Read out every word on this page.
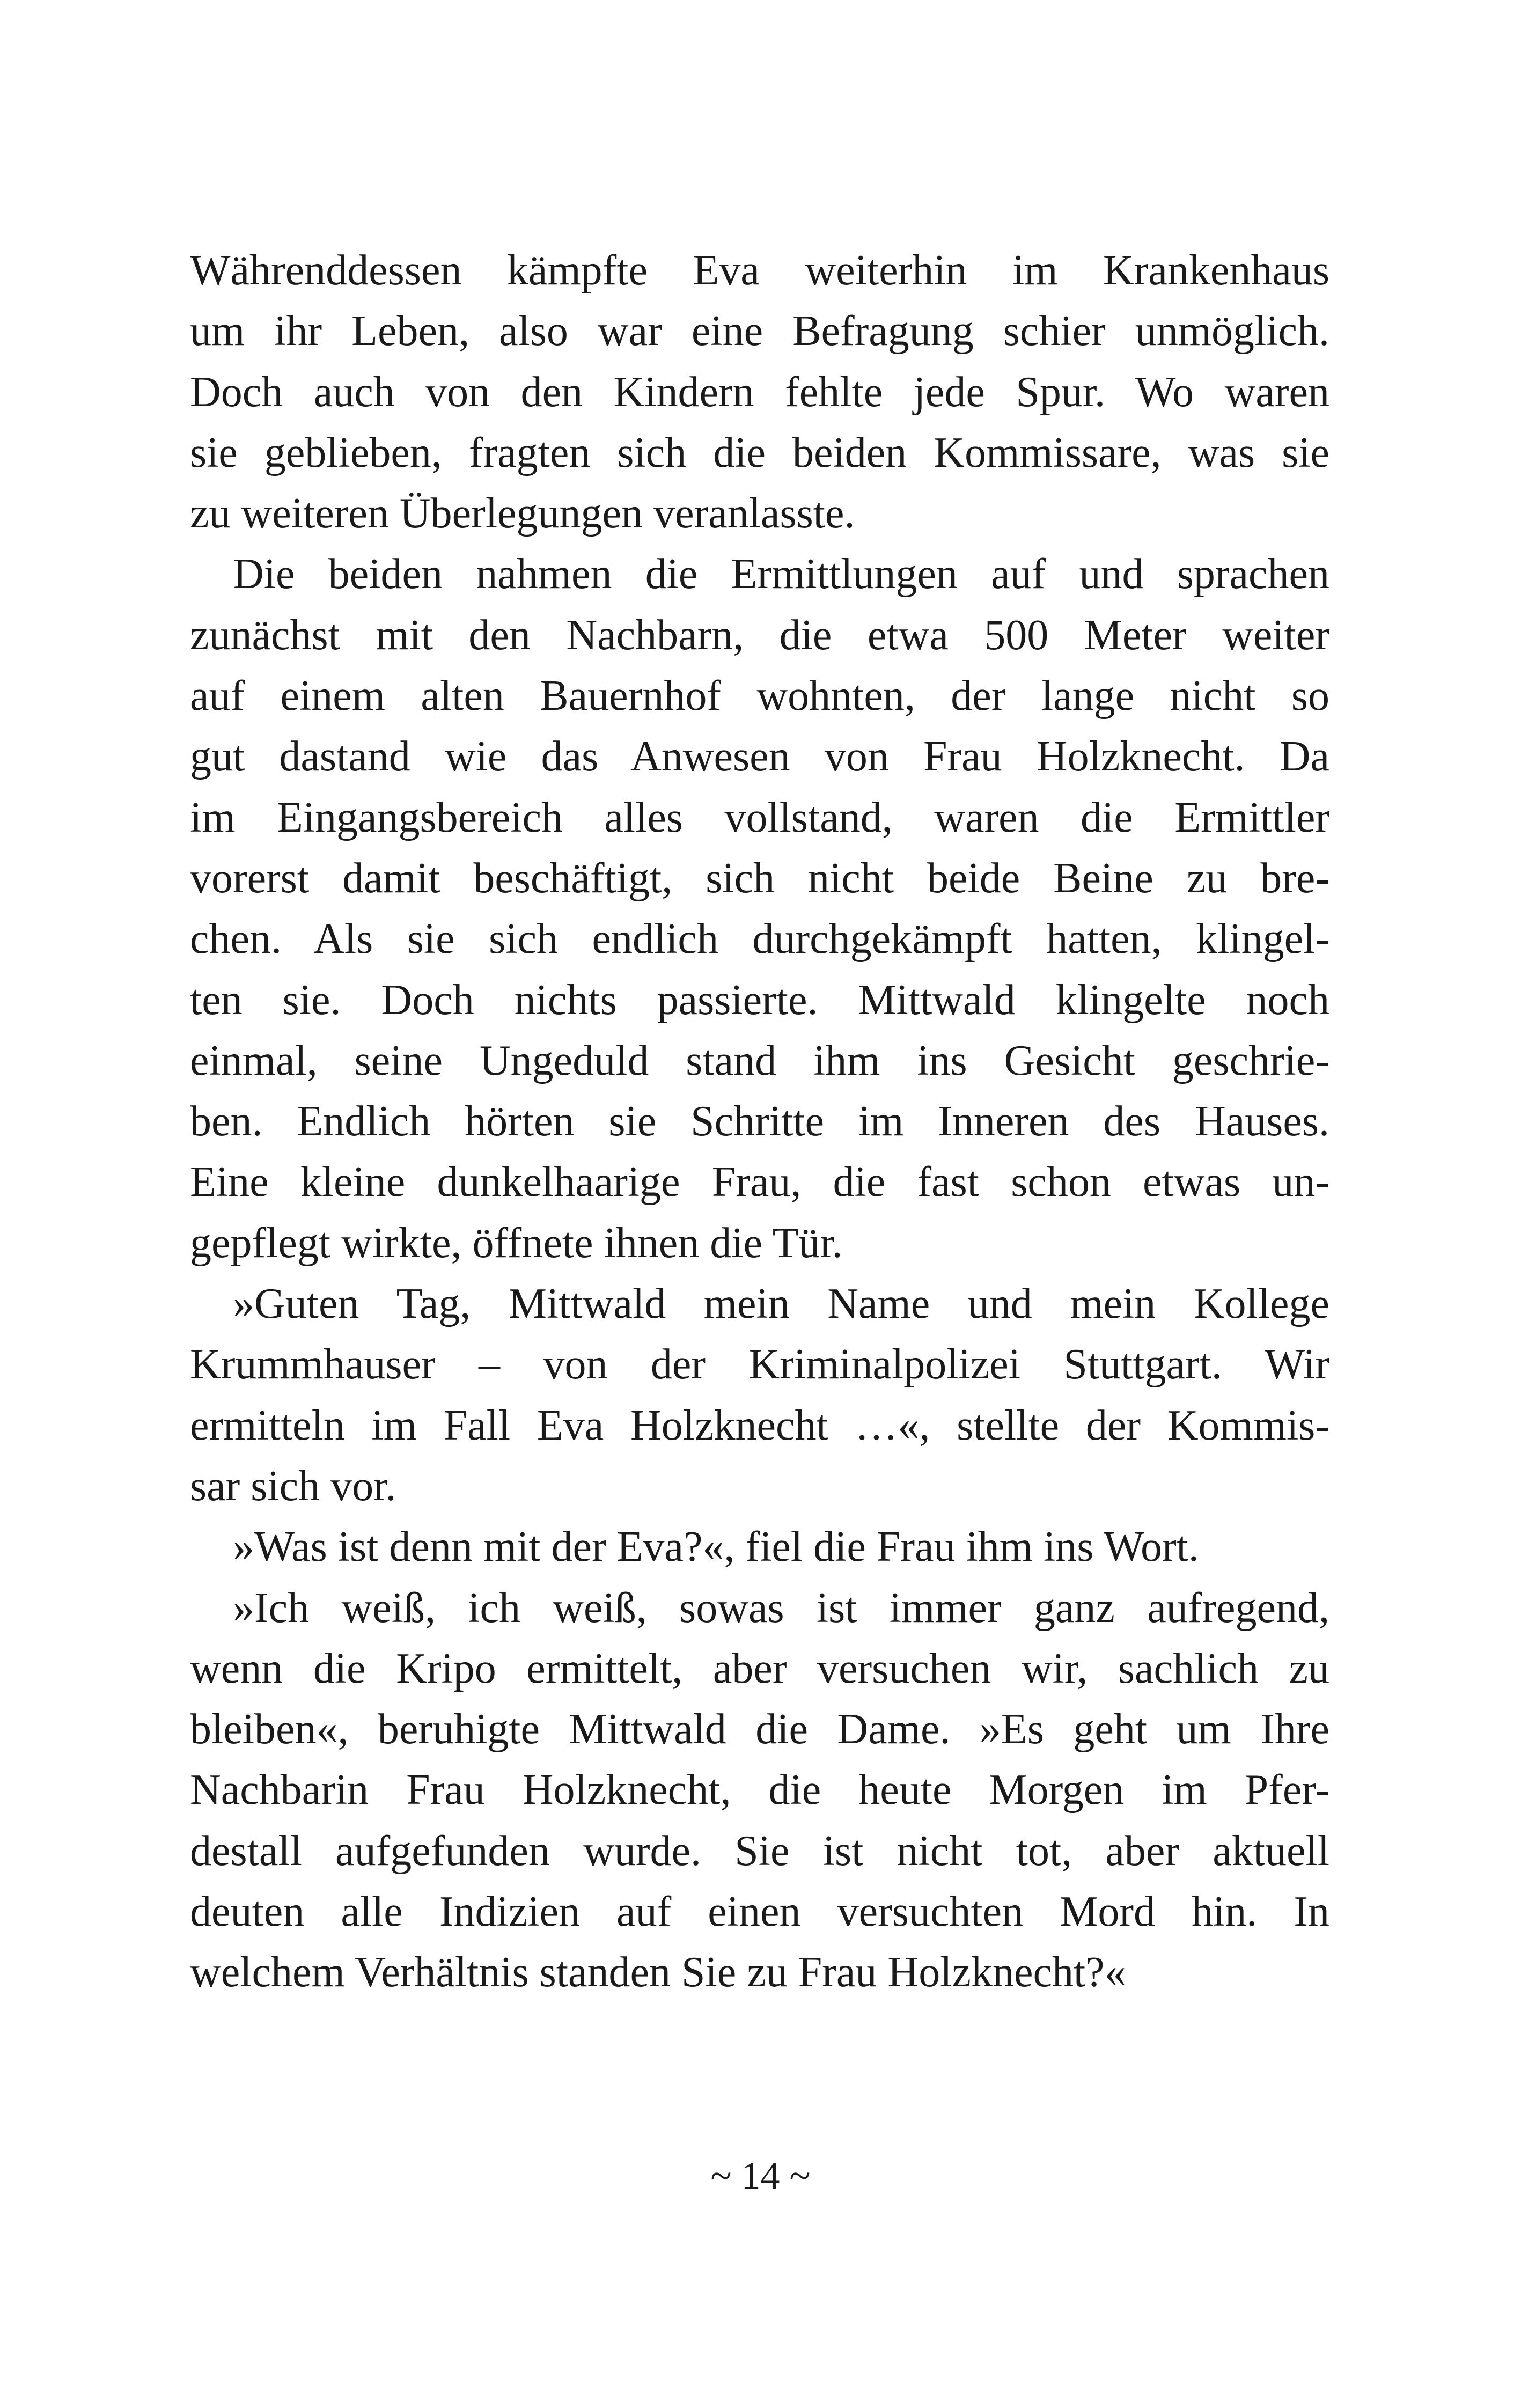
Währenddessen kämpfte Eva weiterhin im Krankenhaus
um ihr Leben, also war eine Befragung schier unmöglich.
Doch auch von den Kindern fehlte jede Spur. Wo waren
sie geblieben, fragten sich die beiden Kommissare, was sie
zu weiteren Überlegungen veranlasste.
Die beiden nahmen die Ermittlungen auf und sprachen
zunächst mit den Nachbarn, die etwa 500 Meter weiter
auf einem alten Bauernhof wohnten, der lange nicht so
gut dastand wie das Anwesen von Frau Holzknecht. Da
im Eingangsbereich alles vollstand, waren die Ermittler
vorerst damit beschäftigt, sich nicht beide Beine zu bre-
chen. Als sie sich endlich durchgekämpft hatten, klingel-
ten sie. Doch nichts passierte. Mittwald klingelte noch
einmal, seine Ungeduld stand ihm ins Gesicht geschrie-
ben. Endlich hörten sie Schritte im Inneren des Hauses.
Eine kleine dunkelhaarige Frau, die fast schon etwas un-
gepflegt wirkte, öffnete ihnen die Tür.
»Guten Tag, Mittwald mein Name und mein Kollege
Krummhauser – von der Kriminalpolizei Stuttgart. Wir
ermitteln im Fall Eva Holzknecht …«, stellte der Kommis-
sar sich vor.
»Was ist denn mit der Eva?«, fiel die Frau ihm ins Wort.
»Ich weiß, ich weiß, sowas ist immer ganz aufregend,
wenn die Kripo ermittelt, aber versuchen wir, sachlich zu
bleiben«, beruhigte Mittwald die Dame. »Es geht um Ihre
Nachbarin Frau Holzknecht, die heute Morgen im Pfer-
destall aufgefunden wurde. Sie ist nicht tot, aber aktuell
deuten alle Indizien auf einen versuchten Mord hin. In
welchem Verhältnis standen Sie zu Frau Holzknecht?«
~ 14 ~
